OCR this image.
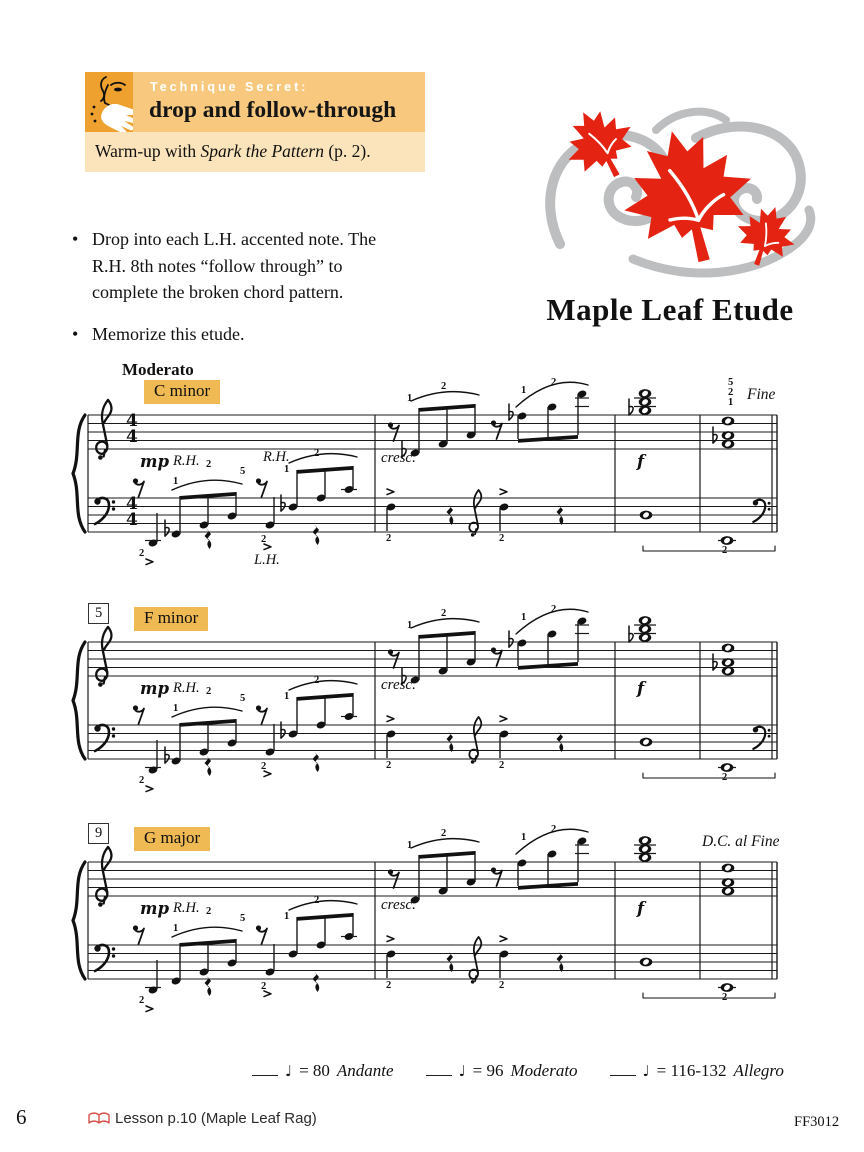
Technique Secret:
drop and follow-through
Warm-up with Spark the Pattern (p. 2).
• Drop into each L.H. accented note. The R.H. 8th notes “follow through” to complete the broken chord pattern.
• Memorize this etude.
Maple Leaf Etude
Moderato
C minor
4
4
4
4
mp R.H.
1
2
5
2
R.H.
1
2
2
L.H.
1
2	1
2
cresc.
2	2
f
5
2
1 Fine
2
5	F minor
mp R.H.
1
2
5
2
1
2
2
1
2	1
2
cresc.
2	2
f
2
9	G major
mp R.H.
1
2
5
2
1
2
2
1
2	1
2
cresc.
2	2
f
D.C. al Fine
2
♩ = 80 Andante	♩ = 96 Moderato	♩ = 116-132 Allegro
6	Lesson p.10 (Maple Leaf Rag)	FF3012
